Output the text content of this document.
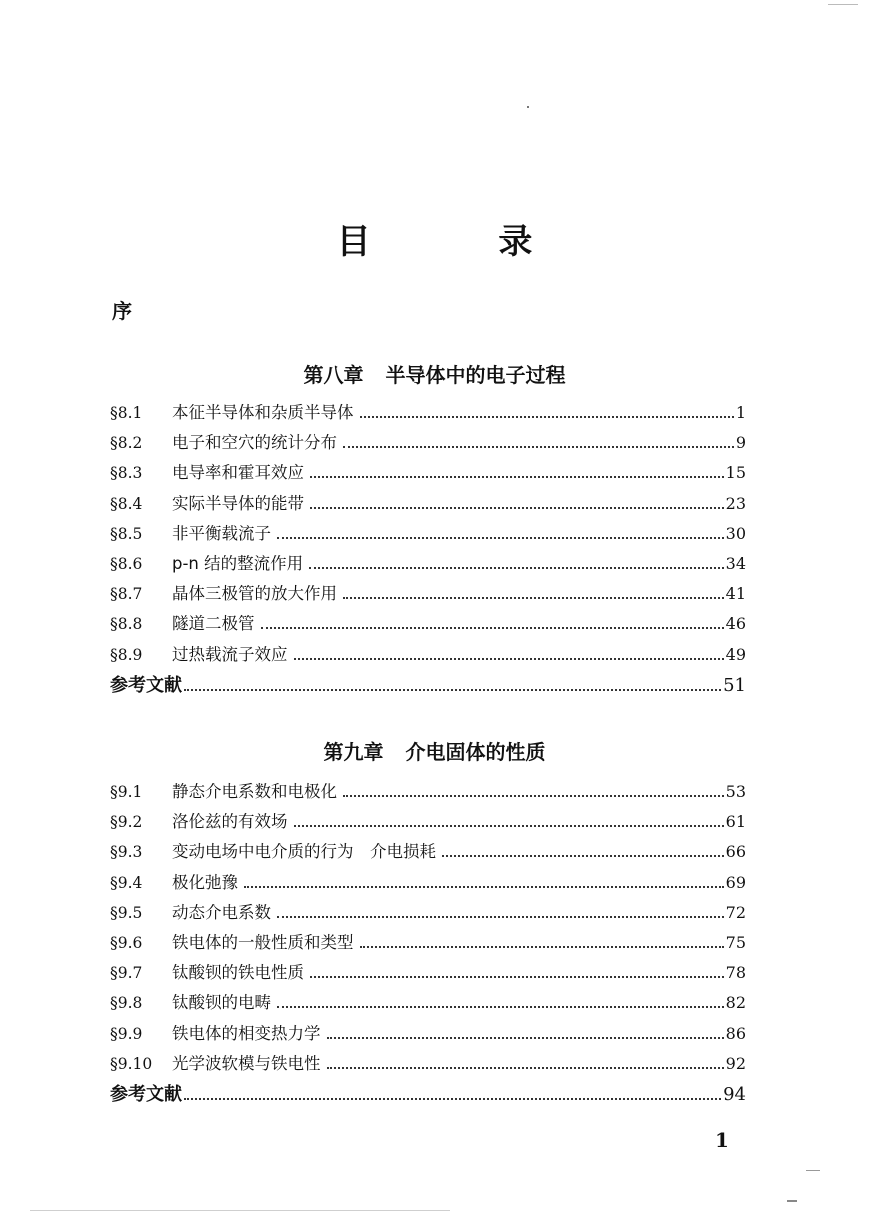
目 录
序
第八章 半导体中的电子过程
§8.1	本征半导体和杂质半导体	1
§8.2	电子和空穴的统计分布	9
§8.3	电导率和霍耳效应	15
§8.4	实际半导体的能带	23
§8.5	非平衡载流子	30
§8.6	p-n 结的整流作用	34
§8.7	晶体三极管的放大作用	41
§8.8	隧道二极管	46
§8.9	过热载流子效应	49
参考文献	51
第九章 介电固体的性质
§9.1	静态介电系数和电极化	53
§9.2	洛伦兹的有效场	61
§9.3	变动电场中电介质的行为　介电损耗	66
§9.4	极化弛豫	69
§9.5	动态介电系数	72
§9.6	铁电体的一般性质和类型	75
§9.7	钛酸钡的铁电性质	78
§9.8	钛酸钡的电畴	82
§9.9	铁电体的相变热力学	86
§9.10	光学波软模与铁电性	92
参考文献	94
1
